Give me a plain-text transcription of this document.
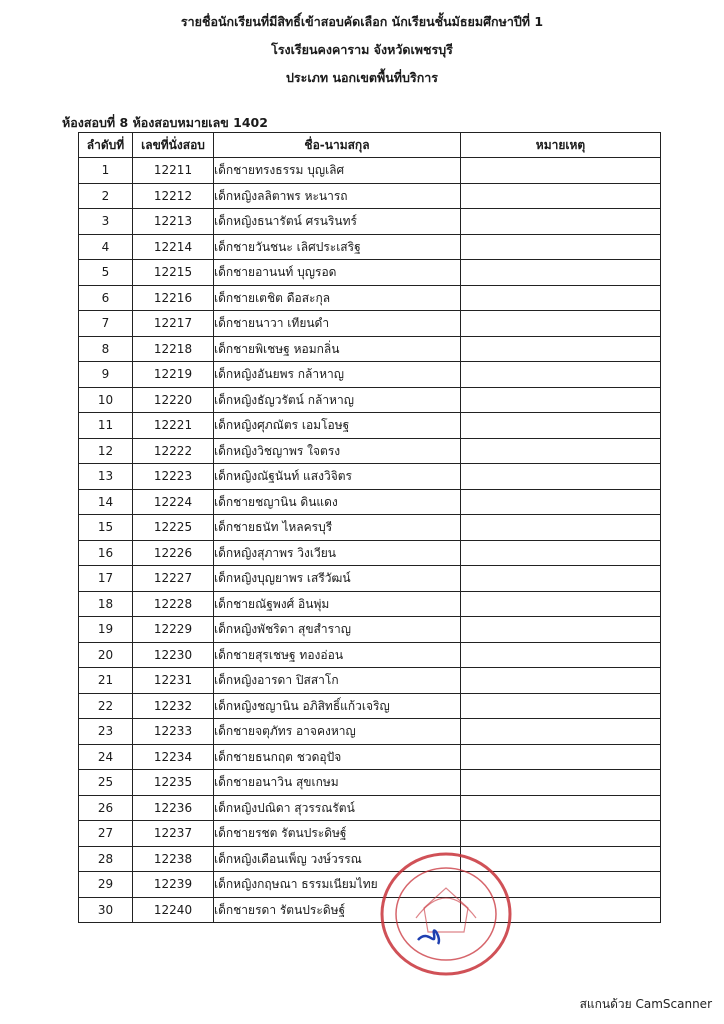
รายชื่อนักเรียนที่มีสิทธิ์เข้าสอบคัดเลือก นักเรียนชั้นมัธยมศึกษาปีที่ 1
โรงเรียนคงคาราม จังหวัดเพชรบุรี
ประเภท นอกเขตพื้นที่บริการ
ห้องสอบที่ 8 ห้องสอบหมายเลข 1402
ลำดับที่	เลขที่นั่งสอบ	ชื่อ-นามสกุล	หมายเหตุ
1	12211	เด็กชายทรงธรรม บุญเลิศ	
2	12212	เด็กหญิงลลิตาพร หะนารถ	
3	12213	เด็กหญิงธนารัตน์ ศรนรินทร์	
4	12214	เด็กชายวันชนะ เลิศประเสริฐ	
5	12215	เด็กชายอานนท์ บุญรอด	
6	12216	เด็กชายเตชิต ดือสะกุล	
7	12217	เด็กชายนาวา เทียนดำ	
8	12218	เด็กชายพิเชษฐ หอมกลิ่น	
9	12219	เด็กหญิงอันยพร กล้าหาญ	
10	12220	เด็กหญิงธัญวรัตน์ กล้าหาญ	
11	12221	เด็กหญิงศุภณัตร เอมโอษฐ	
12	12222	เด็กหญิงวิชญาพร ใจตรง	
13	12223	เด็กหญิงณัฐนันท์ แสงวิจิตร	
14	12224	เด็กชายชญานิน ดินแดง	
15	12225	เด็กชายธนัท ไหลครบุรี	
16	12226	เด็กหญิงสุภาพร วิงเวียน	
17	12227	เด็กหญิงบุญยาพร เสรีวัฒน์	
18	12228	เด็กชายณัฐพงศ์ อินพุ่ม	
19	12229	เด็กหญิงพัชริดา สุขสำราญ	
20	12230	เด็กชายสุรเชษฐ ทองอ่อน	
21	12231	เด็กหญิงอารดา ปิสสาโก	
22	12232	เด็กหญิงชญานิน อภิสิทธิ์แก้วเจริญ	
23	12233	เด็กชายจตุภัทร อาจคงหาญ	
24	12234	เด็กชายธนกฤต ชวดอุปัจ	
25	12235	เด็กชายอนาวิน สุขเกษม	
26	12236	เด็กหญิงปณิดา สุวรรณรัตน์	
27	12237	เด็กชายรชต รัตนประดิษฐ์	
28	12238	เด็กหญิงเดือนเพ็ญ วงษ์วรรณ	
29	12239	เด็กหญิงกฤษณา ธรรมเนียมไทย	
30	12240	เด็กชายรดา รัตนประดิษฐ์	
สแกนด้วย CamScanner
